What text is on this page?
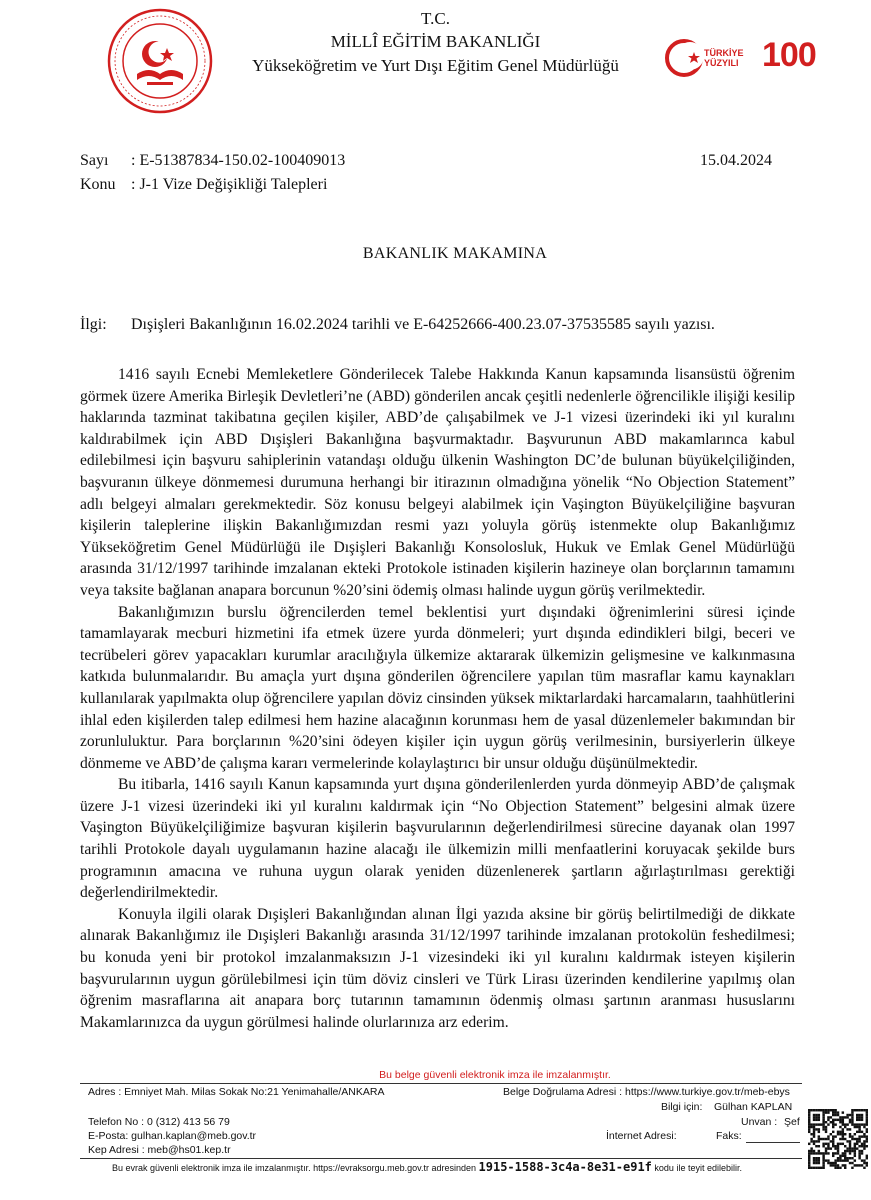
T.C.
MİLLÎ EĞİTİM BAKANLIĞI
Yükseköğretim ve Yurt Dışı Eğitim Genel Müdürlüğü
TÜRKİYE YÜZYILI 100
Sayı : E-51387834-150.02-100409013	15.04.2024
Konu : J-1 Vize Değişikliği Talepleri
BAKANLIK MAKAMINA
İlgi: Dışişleri Bakanlığının 16.02.2024 tarihli ve E-64252666-400.23.07-37535585 sayılı yazısı.

1416 sayılı Ecnebi Memleketlere Gönderilecek Talebe Hakkında Kanun kapsamında lisansüstü öğrenim görmek üzere Amerika Birleşik Devletleri’ne (ABD) gönderilen ancak çeşitli nedenlerle öğrencilikle ilişiği kesilip haklarında tazminat takibatına geçilen kişiler, ABD’de çalışabilmek ve J-1 vizesi üzerindeki iki yıl kuralını kaldırabilmek için ABD Dışişleri Bakanlığına başvurmaktadır. Başvurunun ABD makamlarınca kabul edilebilmesi için başvuru sahiplerinin vatandaşı olduğu ülkenin Washington DC’de bulunan büyükelçiliğinden, başvuranın ülkeye dönmemesi durumuna herhangi bir itirazının olmadığına yönelik “No Objection Statement” adlı belgeyi almaları gerekmektedir. Söz konusu belgeyi alabilmek için Vaşington Büyükelçiliğine başvuran kişilerin taleplerine ilişkin Bakanlığımızdan resmi yazı yoluyla görüş istenmekte olup Bakanlığımız Yükseköğretim Genel Müdürlüğü ile Dışişleri Bakanlığı Konsolosluk, Hukuk ve Emlak Genel Müdürlüğü arasında 31/12/1997 tarihinde imzalanan ekteki Protokole istinaden kişilerin hazineye olan borçlarının tamamını veya taksite bağlanan anapara borcunun %20’sini ödemiş olması halinde uygun görüş verilmektedir.

Bakanlığımızın burslu öğrencilerden temel beklentisi yurt dışındaki öğrenimlerini süresi içinde tamamlayarak mecburi hizmetini ifa etmek üzere yurda dönmeleri; yurt dışında edindikleri bilgi, beceri ve tecrübeleri görev yapacakları kurumlar aracılığıyla ülkemize aktararak ülkemizin gelişmesine ve kalkınmasına katkıda bulunmalarıdır. Bu amaçla yurt dışına gönderilen öğrencilere yapılan tüm masraflar kamu kaynakları kullanılarak yapılmakta olup öğrencilere yapılan döviz cinsinden yüksek miktarlardaki harcamaların, taahhütlerini ihlal eden kişilerden talep edilmesi hem hazine alacağının korunması hem de yasal düzenlemeler bakımından bir zorunluluktur. Para borçlarının %20’sini ödeyen kişiler için uygun görüş verilmesinin, bursiyerlerin ülkeye dönmeme ve ABD’de çalışma kararı vermelerinde kolaylaştırıcı bir unsur olduğu düşünülmektedir.

Bu itibarla, 1416 sayılı Kanun kapsamında yurt dışına gönderilenlerden yurda dönmeyip ABD’de çalışmak üzere J-1 vizesi üzerindeki iki yıl kuralını kaldırmak için “No Objection Statement” belgesini almak üzere Vaşington Büyükelçiliğimize başvuran kişilerin başvurularının değerlendirilmesi sürecine dayanak olan 1997 tarihli Protokole dayalı uygulamanın hazine alacağı ile ülkemizin milli menfaatlerini koruyacak şekilde burs programının amacına ve ruhuna uygun olarak yeniden düzenlenerek şartların ağırlaştırılması gerektiği değerlendirilmektedir.

Konuyla ilgili olarak Dışişleri Bakanlığından alınan İlgi yazıda aksine bir görüş belirtilmediği de dikkate alınarak Bakanlığımız ile Dışişleri Bakanlığı arasında 31/12/1997 tarihinde imzalanan protokolün feshedilmesi; bu konuda yeni bir protokol imzalanmaksızın J-1 vizesindeki iki yıl kuralını kaldırmak isteyen kişilerin başvurularının uygun görülebilmesi için tüm döviz cinsleri ve Türk Lirası üzerinden kendilerine yapılmış olan öğrenim masraflarına ait anapara borç tutarının tamamının ödenmiş olması şartının aranması hususlarını Makamlarınızca da uygun görülmesi halinde olurlarınıza arz ederim.

Bu belge güvenli elektronik imza ile imzalanmıştır.
Adres : Emniyet Mah. Milas Sokak No:21 Yenimahalle/ANKARA	Belge Doğrulama Adresi : https://www.turkiye.gov.tr/meb-ebys
Bilgi için: Gülhan KAPLAN
Telefon No : 0 (312) 413 56 79	Unvan : Şef
E-Posta: gulhan.kaplan@meb.gov.tr	İnternet Adresi:	Faks:
Kep Adresi : meb@hs01.kep.tr
Bu evrak güvenli elektronik imza ile imzalanmıştır. https://evraksorgu.meb.gov.tr adresinden 1915-1588-3c4a-8e31-e91f kodu ile teyit edilebilir.
